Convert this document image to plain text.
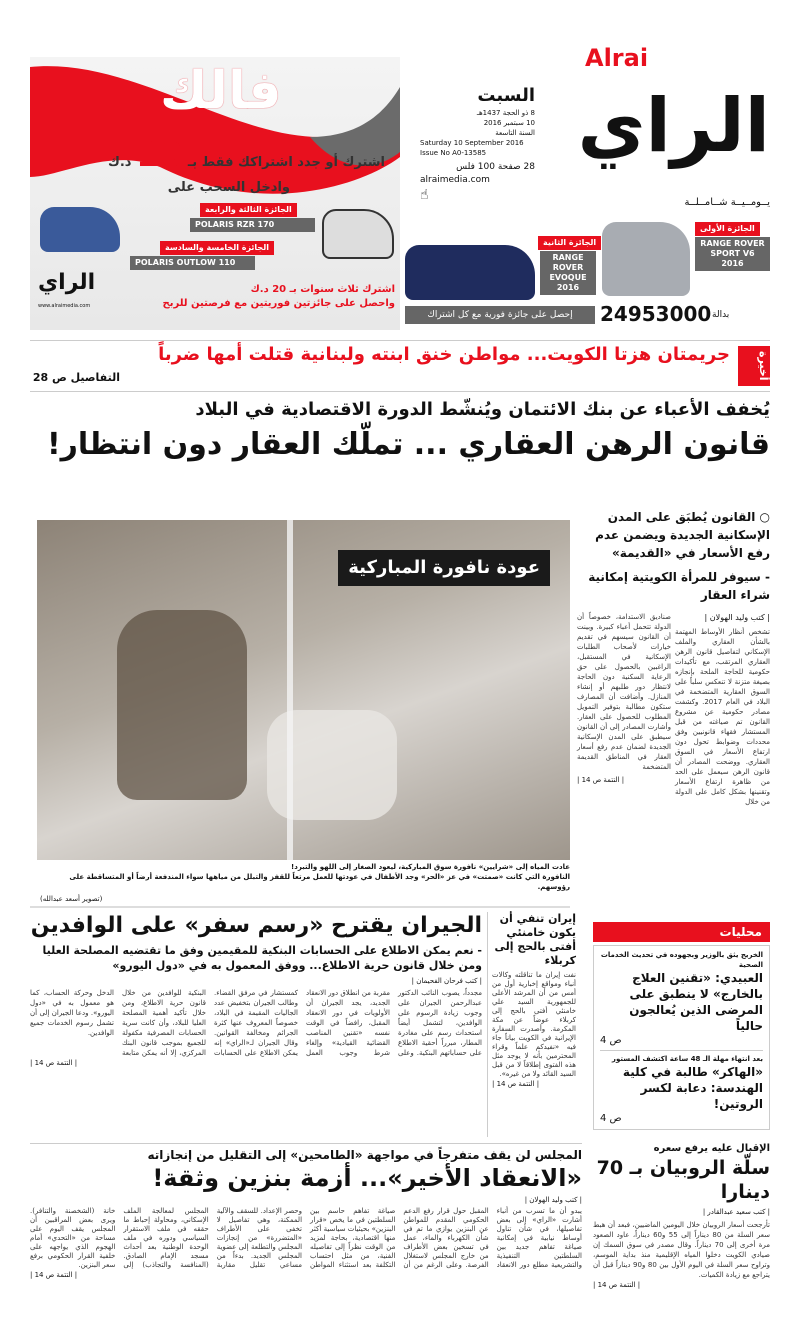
فالك
اشترك أو جدد اشتراكك فقط بـ 10 د.ك
وادخل السحب على
الجائزة الثالثة والرابعة
POLARIS RZR 170
الجائزة الخامسة والسادسة
POLARIS OUTLOW 110
اشترك ثلاث سنوات بـ 20 د.ك
واحصل على جائزتين فوريتين مع فرصتين للربح
الراي
www.alraimedia.com
الجائزة الثانية
RANGE ROVER EVOQUE 2016
إحصل على جائزة فورية مع كل اشتراك
الجائزة الأولى
RANGE ROVER SPORT V6 2016
Alrai
الراي
يــومــيــة شــامــلــة
السبت
8 ذو الحجة 1437هـ
10 سبتمبر 2016
السنة التاسعة
Saturday 10 September 2016
Issue No A0-13585
28 صفحة 100 فلس
alraimedia.com
☝
بدالة
24953000
أخيرة
جريمتان هزتا الكويت... مواطن خنق ابنته ولبنانية قتلت أمها ضرباً
التفاصيل ص 28
يُخفف الأعباء عن بنك الائتمان ويُنشّط الدورة الاقتصادية في البلاد
قانون الرهن العقاري ... تملّك العقار دون انتظار!
عودة نافورة المباركية
عادت المياه إلى «شرايين» نافورة سوق المباركية، ليعود الصغار إلى اللهو والتبرد!
النافورة التي كانت «صمتت» في عز «الحر» وجد الأطفال في عودتها للعمل مرتعاً للقفز والتبلل من مياهها سواء المندفعة أرضاً أو المتساقطة على رؤوسهم.
(تصوير أسعد عبدالله)
○ القانون يُطبَق على المدن الإسكانية الجديدة ويضمن عدم رفع الأسعار في «القديمة»
- سيوفر للمرأة الكويتية إمكانية شراء العقار
| كتب وليد الهولان |
تشخص أنظار الأوساط المهتمة بالشأن العقاري والملف الإسكاني لتفاصيل قانون الرهن العقاري المرتقب، مع تأكيدات حكومية للحاجة الملحة بإنجازه بصيغة متزنة لا تنعكس سلباً على السوق العقارية المتضخمة في البلاد في العام 2017. وكشفت مصادر حكومية عن مشروع القانون تم صياغته من قبل المستشار فقهاء قانونيين وفق محددات وضوابط تحول دون ارتفاع الأسعار في السوق العقاري. ووضحت المصادر أن قانون الرهن سيعمل على الحد من ظاهرة ارتفاع الأسعار وتقنينها بشكل كامل على الدولة من خلال
صناديق الاستدامة، خصوصاً أن الدولة تتحمل أعباء كبيرة. وبينت أن القانون سيسهم في تقديم خيارات لأصحاب الطلبات الإسكانية في المستقبل، الراغبين بالحصول على حق الرعاية السكنية دون الحاجة لانتظار دور طلبهم أو إنشاء المنازل. وأضافت أن المصارف ستكون مطالبة بتوفير التمويل المطلوب للحصول على العقار. وأشارت المصادر إلى أن القانون سيطبق على المدن الإسكانية الجديدة لضمان عدم رفع أسعار العقار في المناطق القديمة المتضخمة
| التتمة ص 14 |
الجيران يقترح «رسم سفر» على الوافدين
- نعم يمكن الاطلاع على الحسابات البنكية للمقيمين وفق ما تقتضيه المصلحة العليا
ومن خلال قانون حرية الاطلاع... ووفق المعمول به في «دول اليورو»
| كتب فرحان الفحيمان |
مجدداً، يصوب النائب الدكتور عبدالرحمن الجيران على وجوب زيادة الرسوم على الوافدين، لتشمل أيضاً استحداث رسم على مغادرة المطار، مبرراً أحقية الاطلاع على حساباتهم البنكية. وعلى مقربة من انطلاق دور الانعقاد الجديد، يجد الجيران أن الأولويات في دور الانعقاد المقبل، رافضاً في الوقت نفسه «تقنين المناصب القضائية القيادية» وإلغاء شرط وجوب العمل كمستشار في مرفق القضاء. وطالب الجيران بتخفيض عدد الجاليات المقيمة في البلاد، خصوصاً المعروف عنها كثرة الجرائم ومخالفة القوانين. وقال الجيران لـ«الراي» إنه يمكن الاطلاع على الحسابات البنكية للوافدين من خلال قانون حرية الاطلاع، ومن خلال تأكيد أهمية المصلحة العليا للبلاد، وأن كانت سرية الحسابات المصرفية مكفولة للجميع بموجب قانون البنك المركزي، إلا أنه يمكن متابعة الدخل وحركة الحساب، كما هو معمول به في «دول اليورو». ودعا الجيران إلى أن تشمل رسوم الخدمات جميع الوافدين.
| التتمة ص 14 |
إيران تنفي أن يكون خامنئي أفتى بالحج إلى كربلاء
نفت إيران ما تناقلته وكالات أنباء ومواقع إخبارية أول من أمس من أن المرشد الأعلى للجمهورية السيد علي خامنئي أفتى بالحج إلى كربلاء عوضاً عن مكة المكرمة. وأصدرت السفارة الإيرانية في الكويت بياناً جاء فيه «نفيدكم علماً وقراء المحترمين بأنه لا يوجد مثل هذه الفتوى إطلاقاً لا من قبل السيد القائد ولا من غيره».
| التتمة ص 14 |
محليات
الخريج يثق بالوزير وبجهوده في تحديث الخدمات الصحية
العبيدي: «تقنين العلاج بالخارج» لا ينطبق على المرضى الذين يُعالجون حالياً
ص 4
بعد انتهاء مهلة الـ 48 ساعة اكتشف المستور
«الهاكر» طالبة في كلية الهندسة: دعابة لكسر الروتين!
ص 4
الإقبال عليه يرفع سعره
سلّة الروبيان بـ 70 دينارا
| كتب سعيد عبدالقادر |
تأرجحت أسعار الروبيان خلال اليومين الماضيين، فبعد أن هبط سعر السلة من 80 ديناراً إلى 55 و60 ديناراً، عاود الصعود مرة أخرى إلى 70 ديناراً. وقال مصدر في سوق السمك إن صيادي الكويت دخلوا المياه الإقليمية منذ بداية الموسم، وتراوح سعر السلة في اليوم الأول بين 80 و90 ديناراً قبل أن يتراجع مع زيادة الكميات.
| التتمة ص 14 |
المجلس لن يقف متفرجاً في مواجهة «الطامحين» إلى التقليل من إنجازاته
«الانعقاد الأخير»... أزمة بنزين وثقة!
| كتب وليد الهولان |
يبدو أن ما تسرب من أنباء أشارت «الراي» إلى بعض تفاصيلها، في شأن تناول أوساط نيابية في إمكانية صياغة تفاهم جديد بين السلطتين التنفيذية والتشريعية مطلع دور الانعقاد المقبل حول قرار رفع الدعم الحكومي المقدم للمواطن عن البنزين يوازي ما تم في شأن الكهرباء والماء، عمل في تسخين بعض الأطراف من خارج المجلس لاستغلال الفرصة. وعلى الرغم من أن صياغة تفاهم حاسم بين السلطتين في ما يخص «قرار البنزين» بحيثيات سياسية أكثر منها اقتصادية، بحاجة لمزيد من الوقت نظراً إلى تفاصيله الفنية، من مثل احتساب التكلفة بعد استثناء المواطن وحصر الإعداد. للسقف والآلية الممكنة، وهي تفاصيل لا تخفى على الأطراف «المتضررة» من إنجازات المجلس والتطلعة إلى عضوية المجلس الجديد. بدءاً من مساعي تقليل مقاربة المجلس لمعالجة الملف الإسكاني، ومحاولة إحباط ما حققه في ملف الاستقرار السياسي ودوره في ملف الوحدة الوطنية بعد أحداث مسجد الإمام الصادق. (المنافسة والتجاذب) إلى خانة (الشخصنة والتنافر). ويرى بعض المراقبين أن المجلس يقف اليوم على مساحة من «التحدي» أمام الهجوم الذي يواجهه على خلفية القرار الحكومي برفع سعر البنزين.
| التتمة ص 14 |
